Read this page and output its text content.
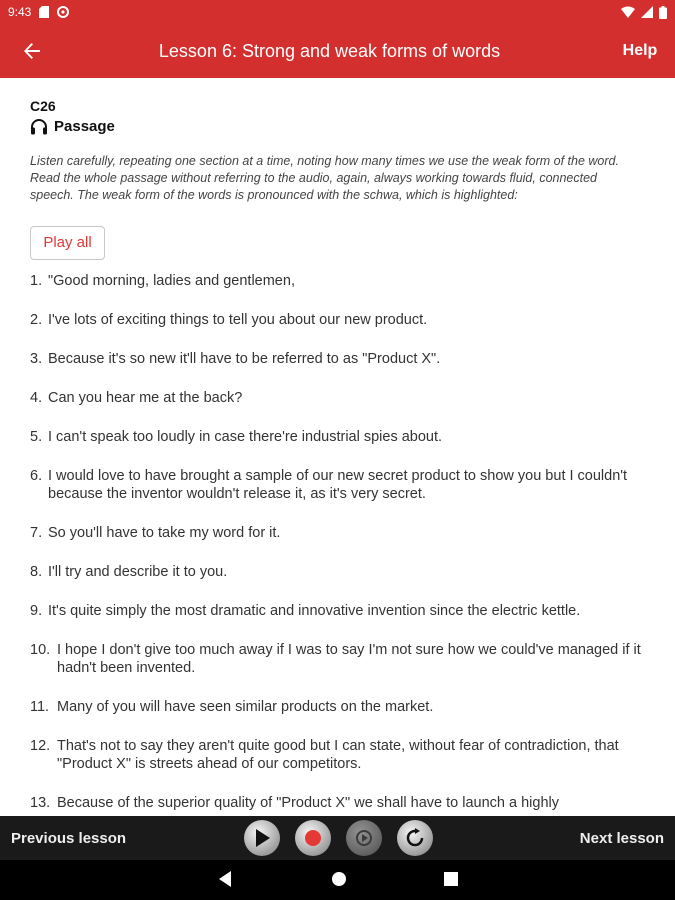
9:43
Lesson 6: Strong and weak forms of words	Help
C26
Passage
Listen carefully, repeating one section at a time, noting how many times we use the weak form of the word. Read the whole passage without referring to the audio, again, always working towards fluid, connected speech. The weak form of the words is pronounced with the schwa, which is highlighted:
Play all
1. "Good morning, ladies and gentlemen,
2. I've lots of exciting things to tell you about our new product.
3. Because it's so new it'll have to be referred to as "Product X".
4. Can you hear me at the back?
5. I can't speak too loudly in case there're industrial spies about.
6. I would love to have brought a sample of our new secret product to show you but I couldn't because the inventor wouldn't release it, as it's very secret.
7. So you'll have to take my word for it.
8. I'll try and describe it to you.
9. It's quite simply the most dramatic and innovative invention since the electric kettle.
10. I hope I don't give too much away if I was to say I'm not sure how we could've managed if it hadn't been invented.
11. Many of you will have seen similar products on the market.
12. That's not to say they aren't quite good but I can state, without fear of contradiction, that "Product X" is streets ahead of our competitors.
13. Because of the superior quality of "Product X" we shall have to launch a highly
Previous lesson	Next lesson
